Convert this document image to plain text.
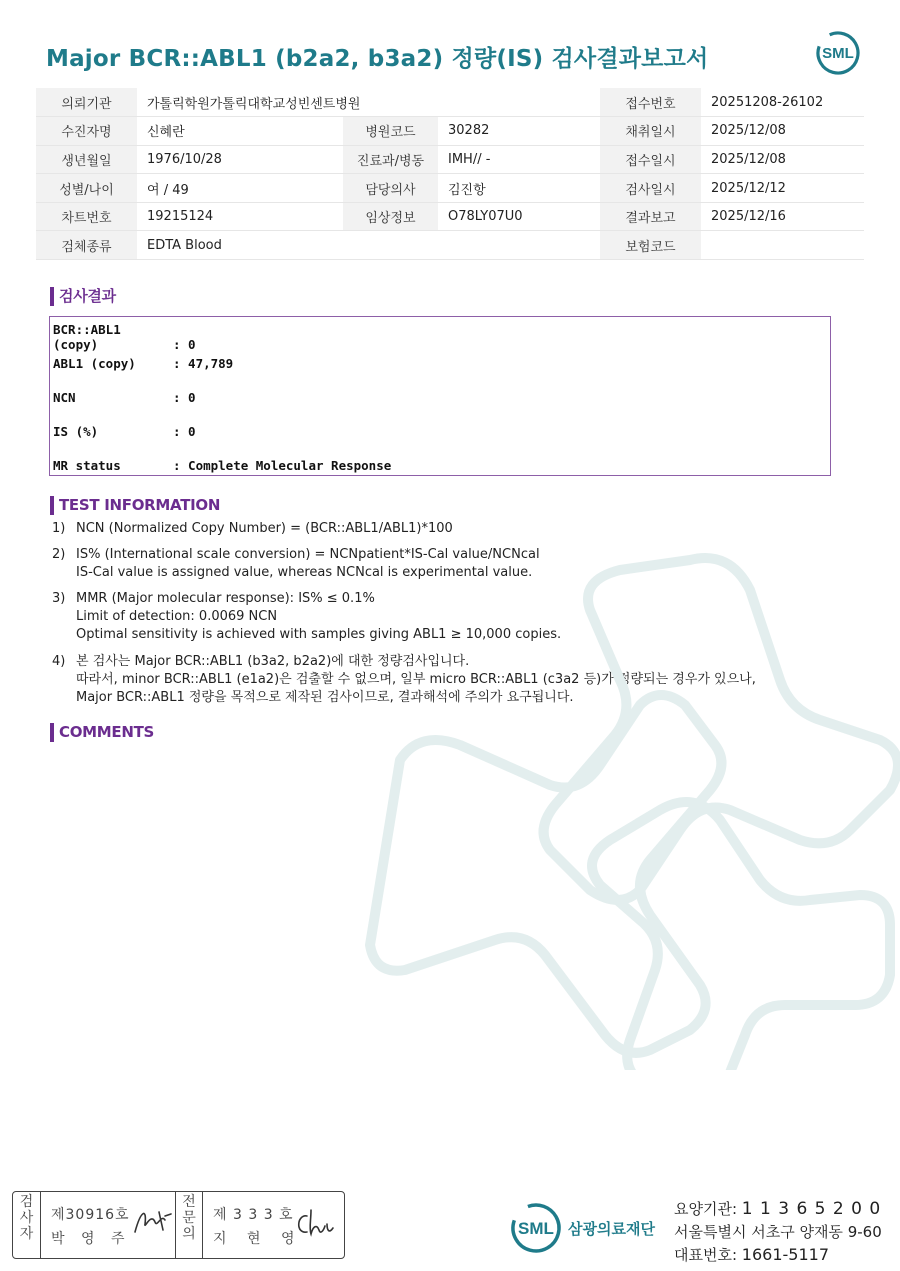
Major BCR::ABL1 (b2a2, b3a2) 정량(IS) 검사결과보고서	SML
의뢰기관	가톨릭학원가톨릭대학교성빈센트병원			접수번호	20251208-26102
수진자명	신혜란	병원코드	30282	채취일시	2025/12/08
생년월일	1976/10/28	진료과/병동	IMH// -	접수일시	2025/12/08
성별/나이	여 / 49	담당의사	김진항	검사일시	2025/12/12
차트번호	19215124	임상정보	O78LY07U0	결과보고	2025/12/16
검체종류	EDTA Blood			보험코드	
검사결과
BCR::ABL1 (copy)	: 0
ABL1 (copy)	: 47,789
NCN	: 0
IS (%)	: 0
MR status	: Complete Molecular Response
TEST INFORMATION
1) NCN (Normalized Copy Number) = (BCR::ABL1/ABL1)*100
2) IS% (International scale conversion) = NCNpatient*IS-Cal value/NCNcal
IS-Cal value is assigned value, whereas NCNcal is experimental value.
3) MMR (Major molecular response): IS% ≤ 0.1%
Limit of detection: 0.0069 NCN
Optimal sensitivity is achieved with samples giving ABL1 ≥ 10,000 copies.
4) 본 검사는 Major BCR::ABL1 (b3a2, b2a2)에 대한 정량검사입니다.
따라서, minor BCR::ABL1 (e1a2)은 검출할 수 없으며, 일부 micro BCR::ABL1 (c3a2 등)가 정량되는 경우가 있으나,
Major BCR::ABL1 정량을 목적으로 제작된 검사이므로, 결과해석에 주의가 요구됩니다.
COMMENTS
검
사
자
제30916호
박 영 주
전
문
의
제 3 3 3 호
지 현 영
SML 삼광의료재단
요양기관: 1 1 3 6 5 2 0 0
서울특별시 서초구 양재동 9-60
대표번호: 1661-5117
